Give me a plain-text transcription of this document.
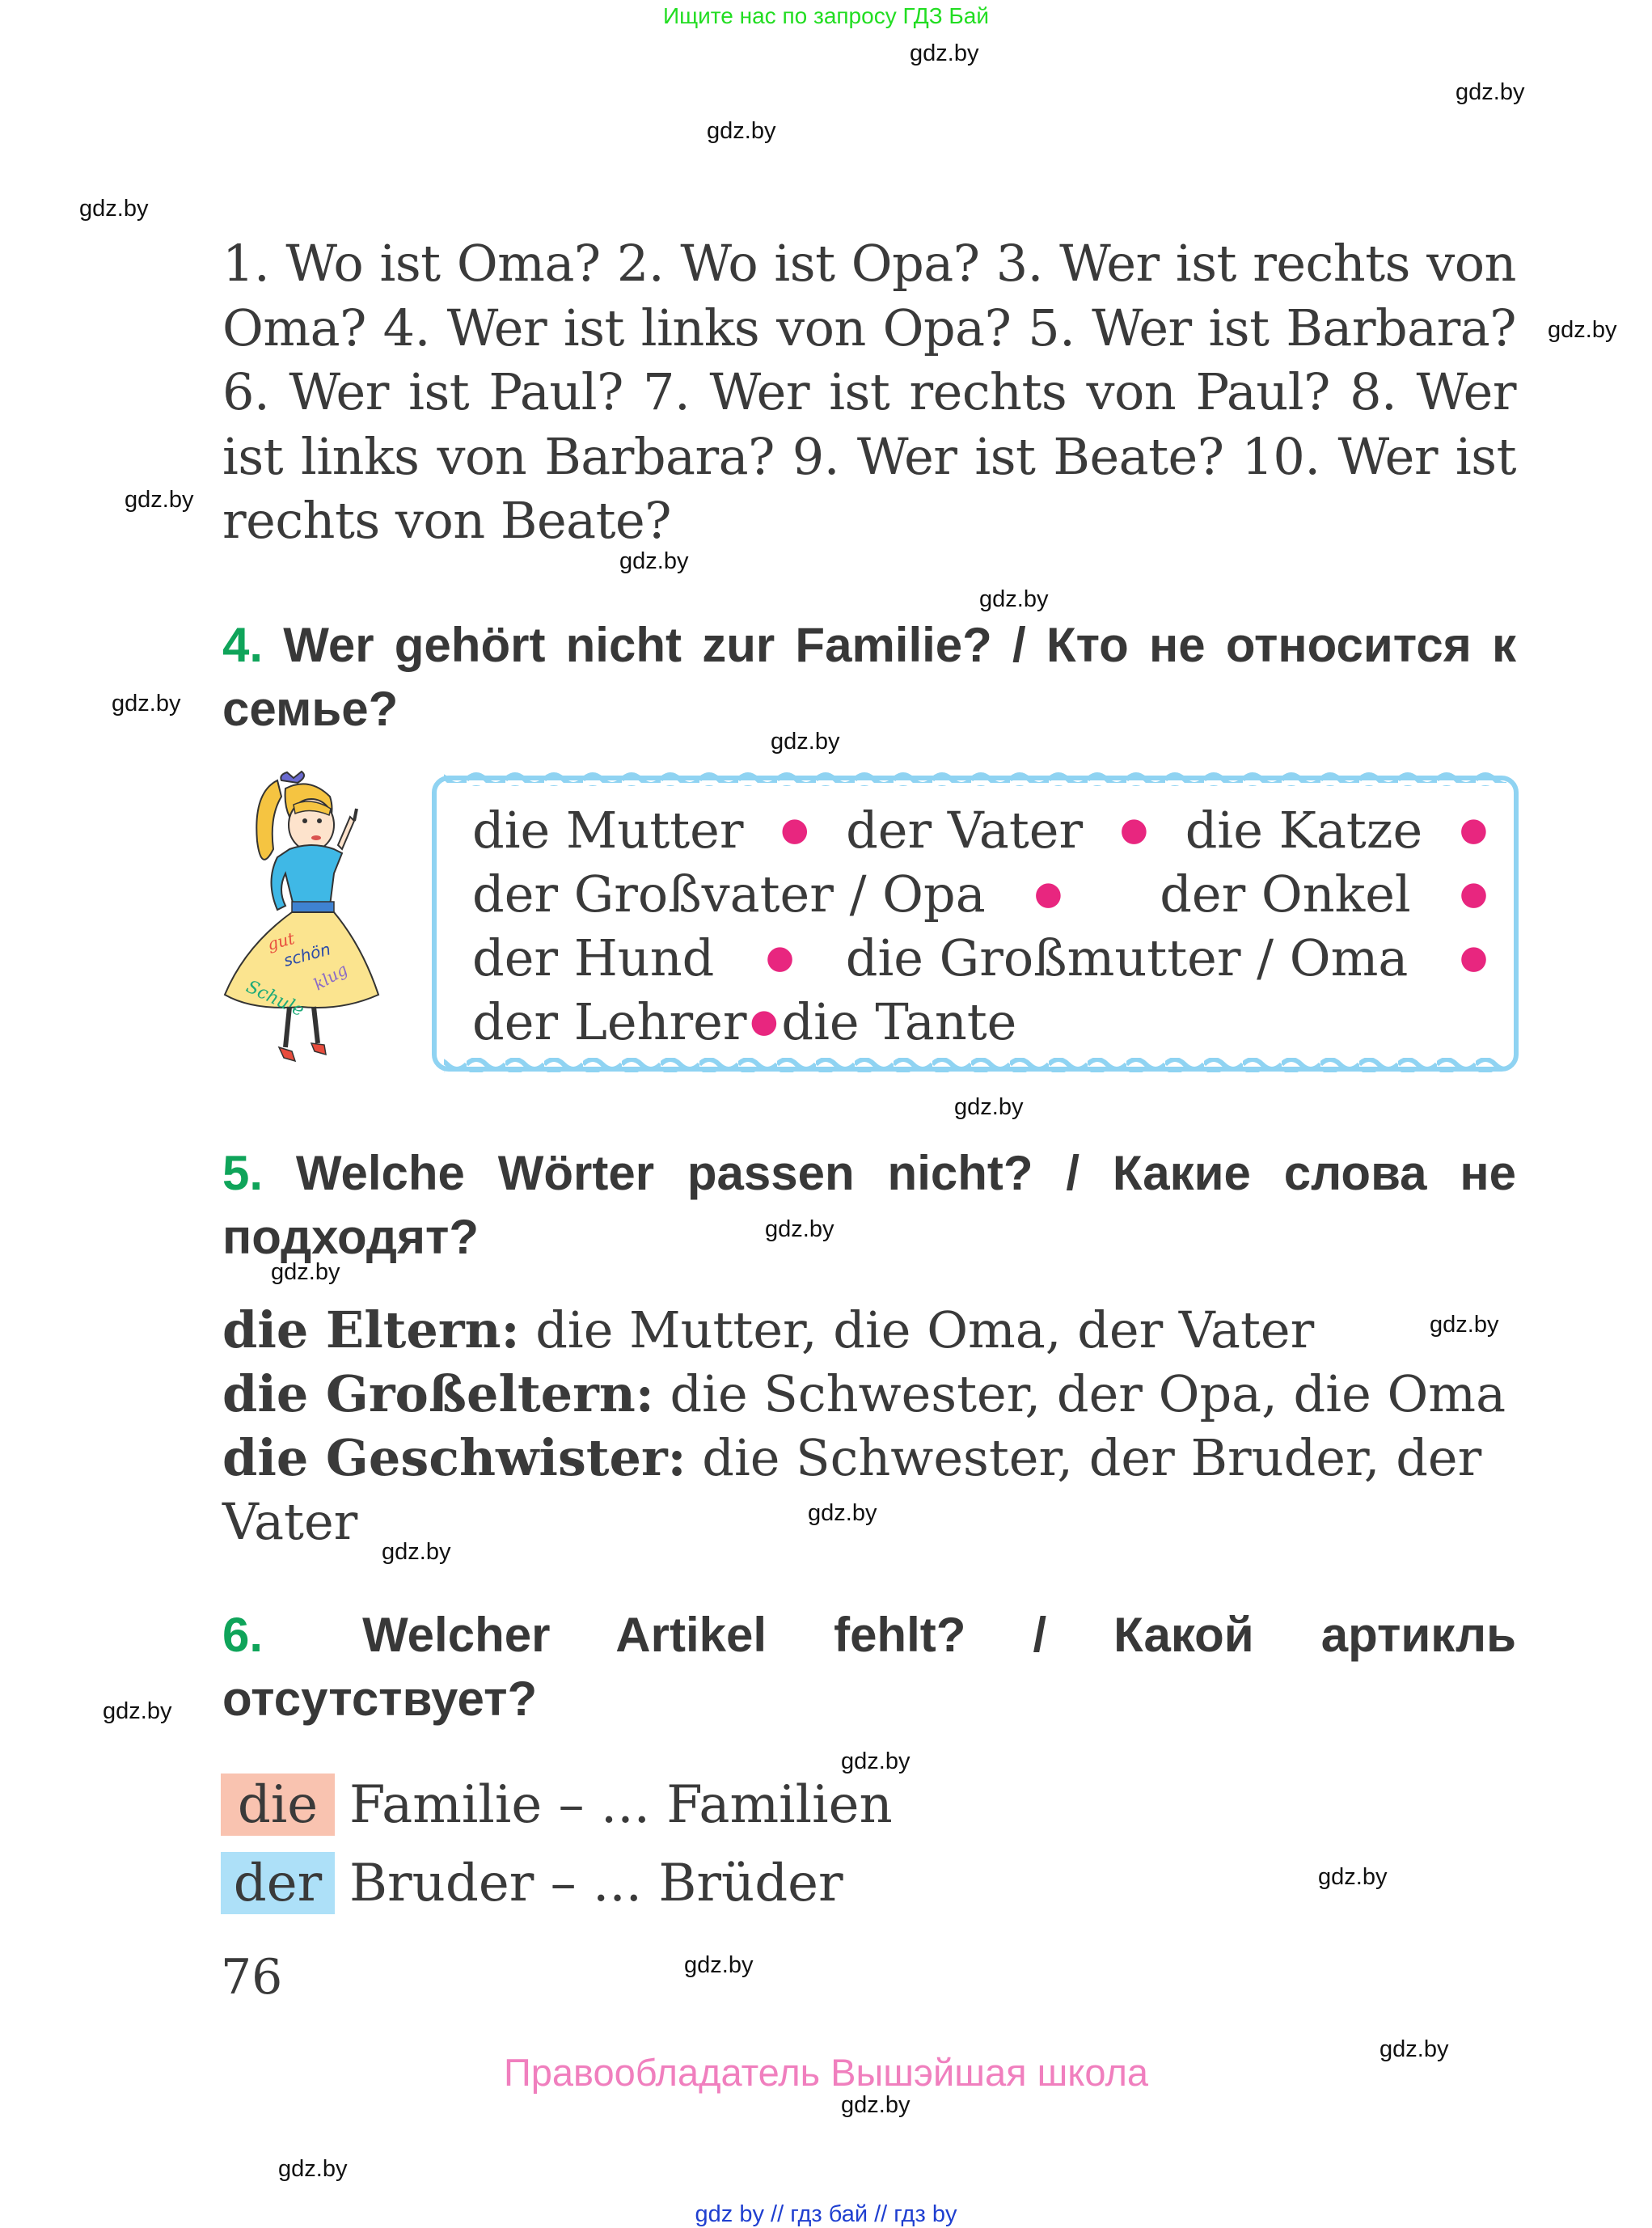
Ищите нас по запросу ГДЗ Бай
gdz.by
gdz.by
gdz.by
gdz.by
gdz.by
gdz.by
gdz.by
gdz.by
gdz.by
gdz.by
gdz.by
gdz.by
gdz.by
gdz.by
gdz.by
gdz.by
gdz.by
gdz.by
gdz.by
gdz.by
gdz.by
gdz.by
gdz.by
1. Wo ist Oma? 2. Wo ist Opa? 3. Wer ist rechts von Oma? 4. Wer ist links von Opa? 5. Wer ist Barbara? 6. Wer ist Paul? 7. Wer ist rechts von Paul? 8. Wer ist links von Barbara? 9. Wer ist Beate? 10. Wer ist rechts von Beate?
4. Wer gehört nicht zur Familie? / Кто не относится к семье?
gut
schön
klug
Schule
die Mutter ● der Vater ● die Katze ●
der Großvater / Opa ● der Onkel ●
der Hund ● die Großmutter / Oma ●
der Lehrer ● die Tante
5. Welche Wörter passen nicht? / Какие слова не подходят?
die Eltern: die Mutter, die Oma, der Vater
die Großeltern: die Schwester, der Opa, die Oma
die Geschwister: die Schwester, der Bruder, der Vater
6. Welcher Artikel fehlt? / Какой артикль отсутствует?
die Familie – ... Familien
der Bruder – ... Brüder
76
Правообладатель Вышэйшая школа
gdz by // гдз бай // гдз by
